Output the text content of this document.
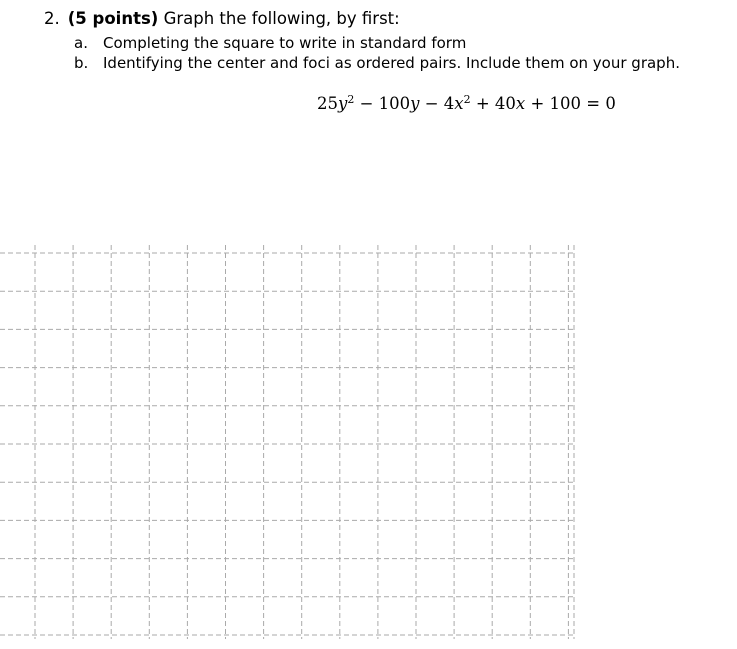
2. (5 points) Graph the following, by first:
a. Completing the square to write in standard form
b. Identifying the center and foci as ordered pairs. Include them on your graph.
$25y^2 - 100y - 4x^2 + 40x + 100 = 0$
